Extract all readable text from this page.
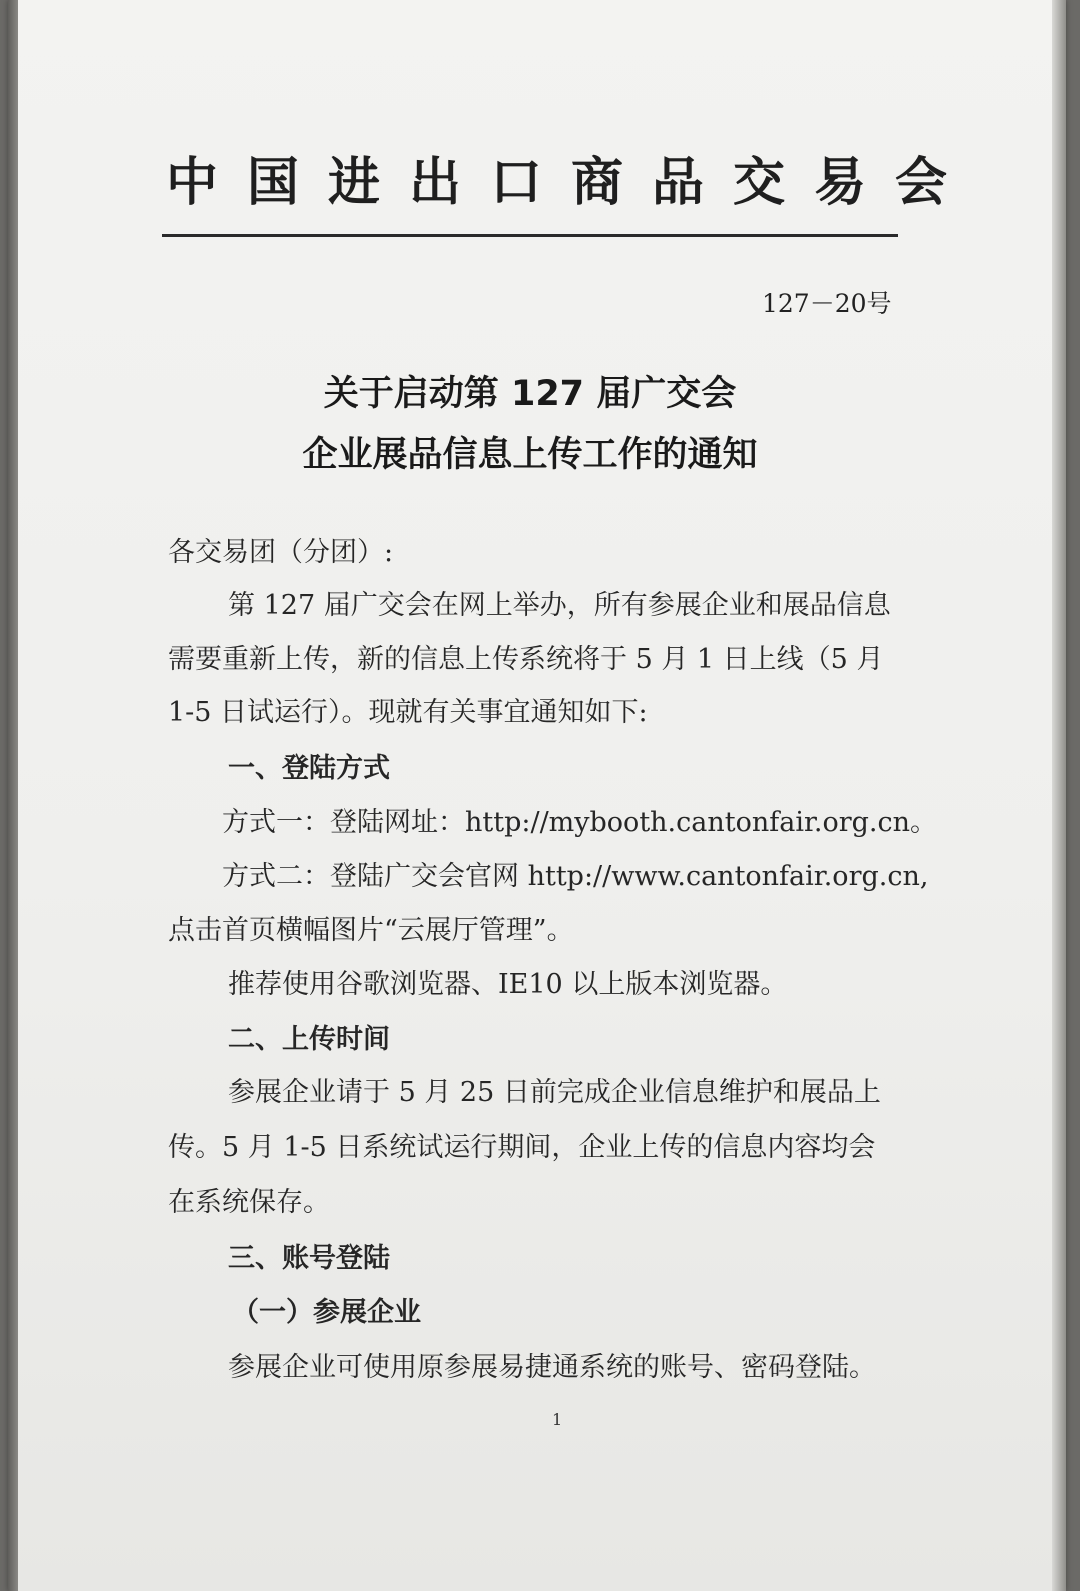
中国进出口商品交易会
127－20号
关于启动第 127 届广交会
企业展品信息上传工作的通知
各交易团（分团）:
第 127 届广交会在网上举办，所有参展企业和展品信息
需要重新上传，新的信息上传系统将于 5 月 1 日上线（5 月
1-5 日试运行）。现就有关事宜通知如下:
一、登陆方式
方式一：登陆网址：http://mybooth.cantonfair.org.cn。
方式二：登陆广交会官网 http://www.cantonfair.org.cn,
点击首页横幅图片“云展厅管理”。
推荐使用谷歌浏览器、IE10 以上版本浏览器。
二、上传时间
参展企业请于 5 月 25 日前完成企业信息维护和展品上
传。5 月 1-5 日系统试运行期间，企业上传的信息内容均会
在系统保存。
三、账号登陆
（一）参展企业
参展企业可使用原参展易捷通系统的账号、密码登陆。
1
